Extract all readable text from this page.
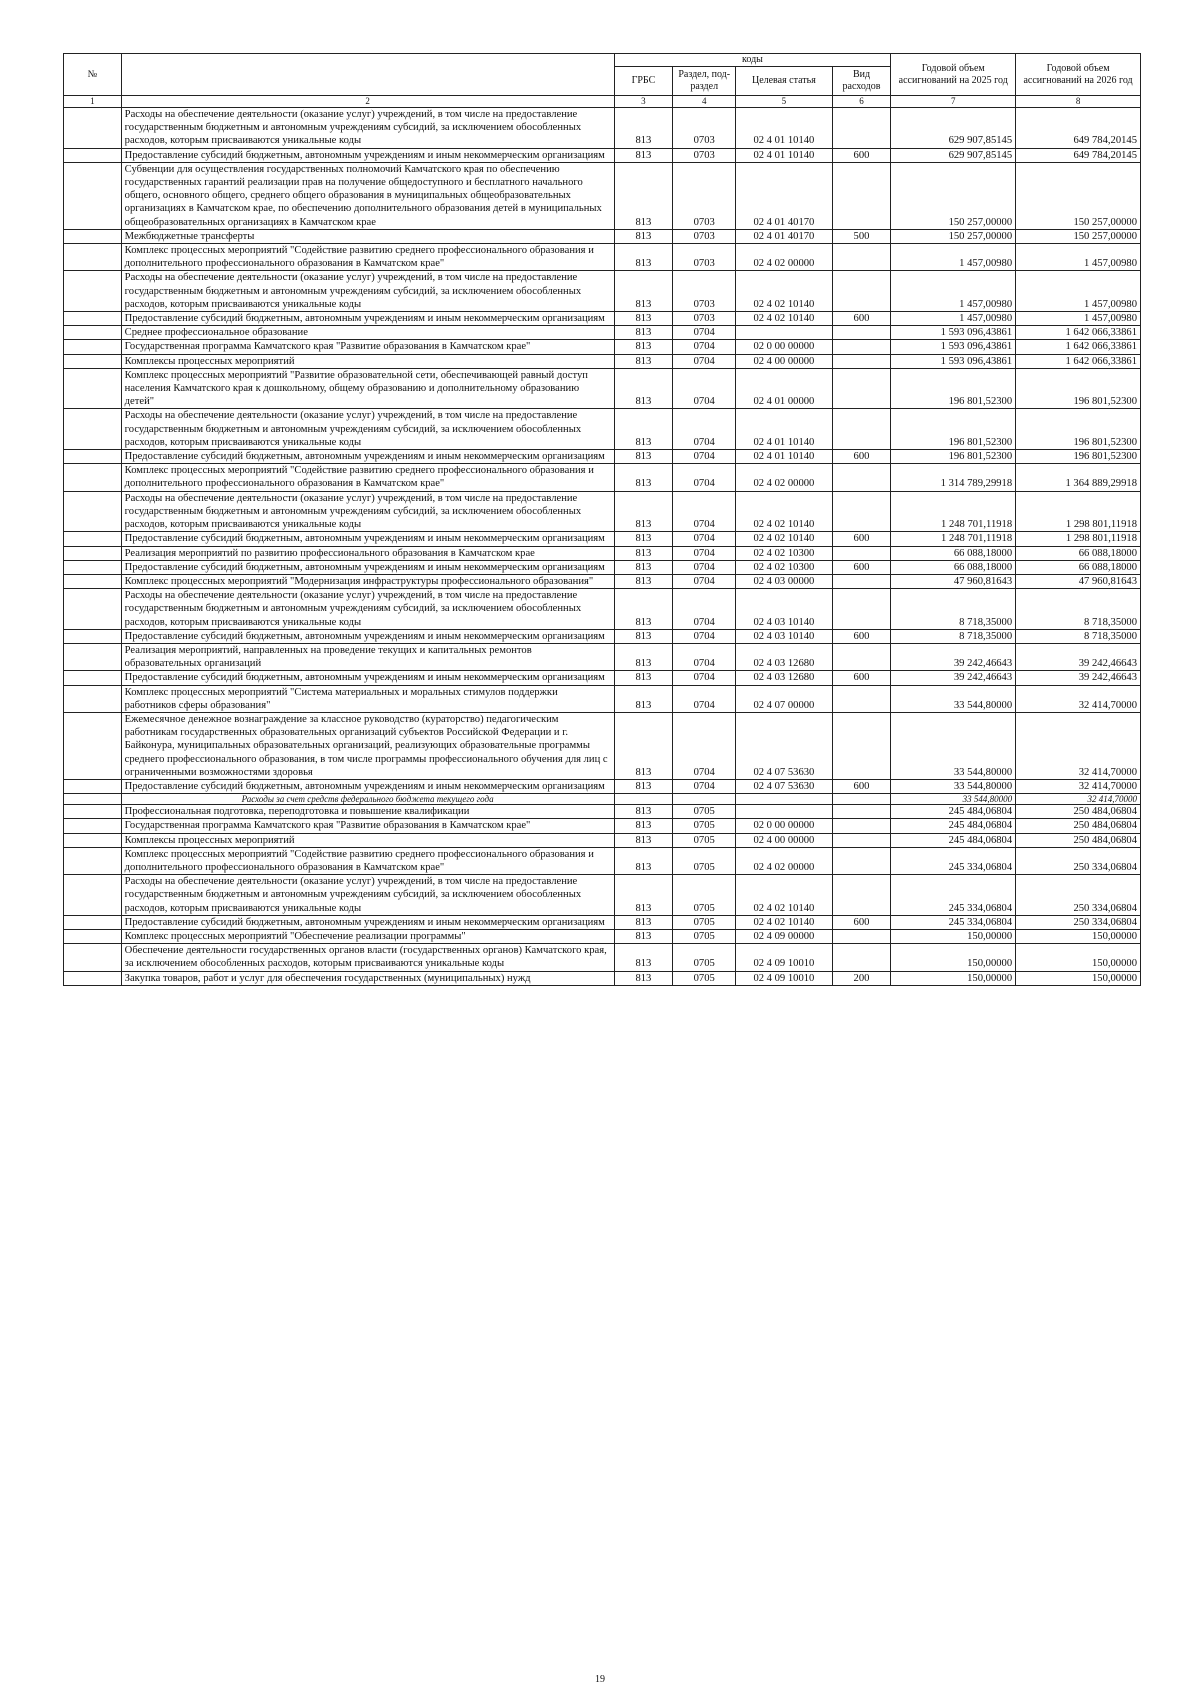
№		коды				Годовой объем ассигнований на 2025 год	Годовой объем ассигнований на 2026 год
		ГРБС	Раздел, под-раздел	Целевая статья	Вид расходов		
1	2	3	4	5	6	7	8
	Расходы на обеспечение деятельности (оказание услуг) учреждений, в том числе на предоставление государственным бюджетным и автономным учреждениям субсидий, за исключением обособленных расходов, которым присваиваются уникальные коды	813	0703	02 4 01 10140		629 907,85145	649 784,20145
	Предоставление субсидий бюджетным, автономным учреждениям и иным некоммерческим организациям	813	0703	02 4 01 10140	600	629 907,85145	649 784,20145
	Субвенции для осуществления государственных полномочий Камчатского края по обеспечению государственных гарантий реализации прав на получение общедоступного и бесплатного начального общего, основного общего, среднего общего образования в муниципальных общеобразовательных организациях в Камчатском крае, по обеспечению дополнительного образования детей в муниципальных общеобразовательных организациях в Камчатском крае	813	0703	02 4 01 40170		150 257,00000	150 257,00000
	Межбюджетные трансферты	813	0703	02 4 01 40170	500	150 257,00000	150 257,00000
	Комплекс процессных мероприятий "Содействие развитию среднего профессионального образования и дополнительного профессионального образования в Камчатском крае"	813	0703	02 4 02 00000		1 457,00980	1 457,00980
	Расходы на обеспечение деятельности (оказание услуг) учреждений, в том числе на предоставление государственным бюджетным и автономным учреждениям субсидий, за исключением обособленных расходов, которым присваиваются уникальные коды	813	0703	02 4 02 10140		1 457,00980	1 457,00980
	Предоставление субсидий бюджетным, автономным учреждениям и иным некоммерческим организациям	813	0703	02 4 02 10140	600	1 457,00980	1 457,00980
	Среднее профессиональное образование	813	0704			1 593 096,43861	1 642 066,33861
	Государственная программа Камчатского края "Развитие образования в Камчатском крае"	813	0704	02 0 00 00000		1 593 096,43861	1 642 066,33861
	Комплексы процессных мероприятий	813	0704	02 4 00 00000		1 593 096,43861	1 642 066,33861
	Комплекс процессных мероприятий "Развитие образовательной сети, обеспечивающей равный доступ населения Камчатского края к дошкольному, общему образованию и дополнительному образованию детей"	813	0704	02 4 01 00000		196 801,52300	196 801,52300
	Расходы на обеспечение деятельности (оказание услуг) учреждений, в том числе на предоставление государственным бюджетным и автономным учреждениям субсидий, за исключением обособленных расходов, которым присваиваются уникальные коды	813	0704	02 4 01 10140		196 801,52300	196 801,52300
	Предоставление субсидий бюджетным, автономным учреждениям и иным некоммерческим организациям	813	0704	02 4 01 10140	600	196 801,52300	196 801,52300
	Комплекс процессных мероприятий "Содействие развитию среднего профессионального образования и дополнительного профессионального образования в Камчатском крае"	813	0704	02 4 02 00000		1 314 789,29918	1 364 889,29918
	Расходы на обеспечение деятельности (оказание услуг) учреждений, в том числе на предоставление государственным бюджетным и автономным учреждениям субсидий, за исключением обособленных расходов, которым присваиваются уникальные коды	813	0704	02 4 02 10140		1 248 701,11918	1 298 801,11918
	Предоставление субсидий бюджетным, автономным учреждениям и иным некоммерческим организациям	813	0704	02 4 02 10140	600	1 248 701,11918	1 298 801,11918
	Реализация мероприятий по развитию профессионального образования в Камчатском крае	813	0704	02 4 02 10300		66 088,18000	66 088,18000
	Предоставление субсидий бюджетным, автономным учреждениям и иным некоммерческим организациям	813	0704	02 4 02 10300	600	66 088,18000	66 088,18000
	Комплекс процессных мероприятий "Модернизация инфраструктуры профессионального образования"	813	0704	02 4 03 00000		47 960,81643	47 960,81643
	Расходы на обеспечение деятельности (оказание услуг) учреждений, в том числе на предоставление государственным бюджетным и автономным учреждениям субсидий, за исключением обособленных расходов, которым присваиваются уникальные коды	813	0704	02 4 03 10140		8 718,35000	8 718,35000
	Предоставление субсидий бюджетным, автономным учреждениям и иным некоммерческим организациям	813	0704	02 4 03 10140	600	8 718,35000	8 718,35000
	Реализация мероприятий, направленных на проведение текущих и капитальных ремонтов образовательных организаций	813	0704	02 4 03 12680		39 242,46643	39 242,46643
	Предоставление субсидий бюджетным, автономным учреждениям и иным некоммерческим организациям	813	0704	02 4 03 12680	600	39 242,46643	39 242,46643
	Комплекс процессных мероприятий "Система материальных и моральных стимулов поддержки работников сферы образования"	813	0704	02 4 07 00000		33 544,80000	32 414,70000
	Ежемесячное денежное вознаграждение за классное руководство (кураторство) педагогическим работникам государственных образовательных организаций субъектов Российской Федерации и г. Байконура, муниципальных образовательных организаций, реализующих образовательные программы среднего профессионального образования, в том числе программы профессионального обучения для лиц с ограниченными возможностями здоровья	813	0704	02 4 07 53630		33 544,80000	32 414,70000
	Предоставление субсидий бюджетным, автономным учреждениям и иным некоммерческим организациям	813	0704	02 4 07 53630	600	33 544,80000	32 414,70000
	Расходы за счет средств федерального бюджета текущего года					33 544,80000	32 414,70000
	Профессиональная подготовка, переподготовка и повышение квалификации	813	0705			245 484,06804	250 484,06804
	Государственная программа Камчатского края "Развитие образования в Камчатском крае"	813	0705	02 0 00 00000		245 484,06804	250 484,06804
	Комплексы процессных мероприятий	813	0705	02 4 00 00000		245 484,06804	250 484,06804
	Комплекс процессных мероприятий "Содействие развитию среднего профессионального образования и дополнительного профессионального образования в Камчатском крае"	813	0705	02 4 02 00000		245 334,06804	250 334,06804
	Расходы на обеспечение деятельности (оказание услуг) учреждений, в том числе на предоставление государственным бюджетным и автономным учреждениям субсидий, за исключением обособленных расходов, которым присваиваются уникальные коды	813	0705	02 4 02 10140		245 334,06804	250 334,06804
	Предоставление субсидий бюджетным, автономным учреждениям и иным некоммерческим организациям	813	0705	02 4 02 10140	600	245 334,06804	250 334,06804
	Комплекс процессных мероприятий "Обеспечение реализации программы"	813	0705	02 4 09 00000		150,00000	150,00000
	Обеспечение деятельности государственных органов власти (государственных органов) Камчатского края, за исключением обособленных расходов, которым присваиваются уникальные коды	813	0705	02 4 09 10010		150,00000	150,00000
	Закупка товаров, работ и услуг для обеспечения государственных (муниципальных) нужд	813	0705	02 4 09 10010	200	150,00000	150,00000
19
